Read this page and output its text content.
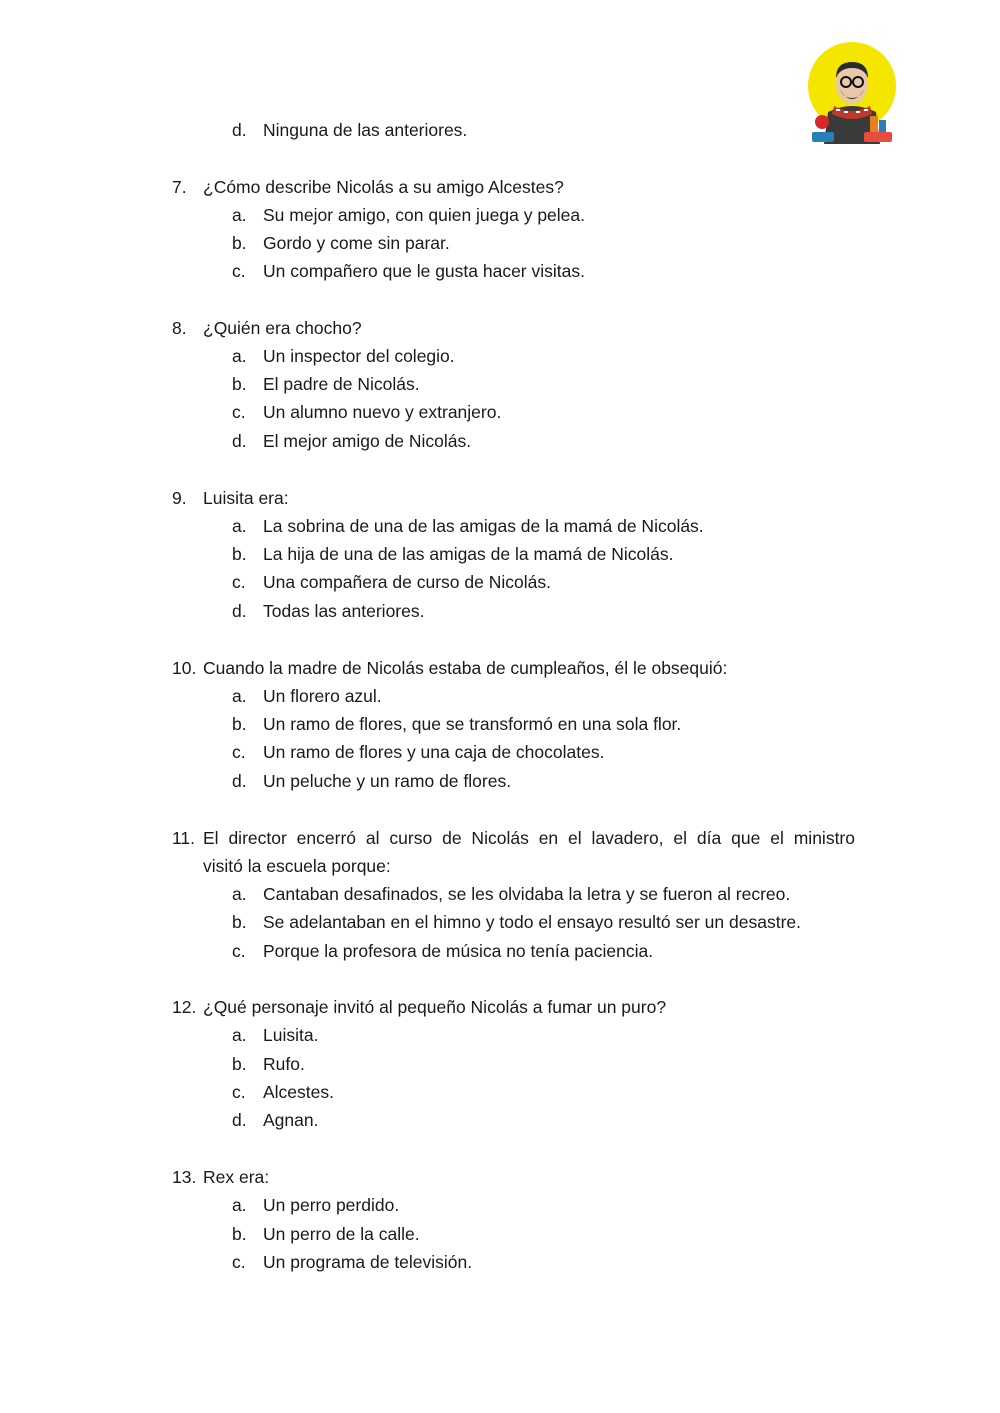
d. Ninguna de las anteriores.
7. ¿Cómo describe Nicolás a su amigo Alcestes?
a. Su mejor amigo, con quien juega y pelea.
b. Gordo y come sin parar.
c. Un compañero que le gusta hacer visitas.
8. ¿Quién era chocho?
a. Un inspector del colegio.
b. El padre de Nicolás.
c. Un alumno nuevo y extranjero.
d. El mejor amigo de Nicolás.
9. Luisita era:
a. La sobrina de una de las amigas de la mamá de Nicolás.
b. La hija de una de las amigas de la mamá de Nicolás.
c. Una compañera de curso de Nicolás.
d. Todas las anteriores.
10. Cuando la madre de Nicolás estaba de cumpleaños, él le obsequió:
a. Un florero azul.
b. Un ramo de flores, que se transformó en una sola flor.
c. Un ramo de flores y una caja de chocolates.
d. Un peluche y un ramo de flores.
11. El director encerró al curso de Nicolás en el lavadero, el día que el ministro
visitó la escuela porque:
a. Cantaban desafinados, se les olvidaba la letra y se fueron al recreo.
b. Se adelantaban en el himno y todo el ensayo resultó ser un desastre.
c. Porque la profesora de música no tenía paciencia.
12. ¿Qué personaje invitó al pequeño Nicolás a fumar un puro?
a. Luisita.
b. Rufo.
c. Alcestes.
d. Agnan.
13. Rex era:
a. Un perro perdido.
b. Un perro de la calle.
c. Un programa de televisión.
